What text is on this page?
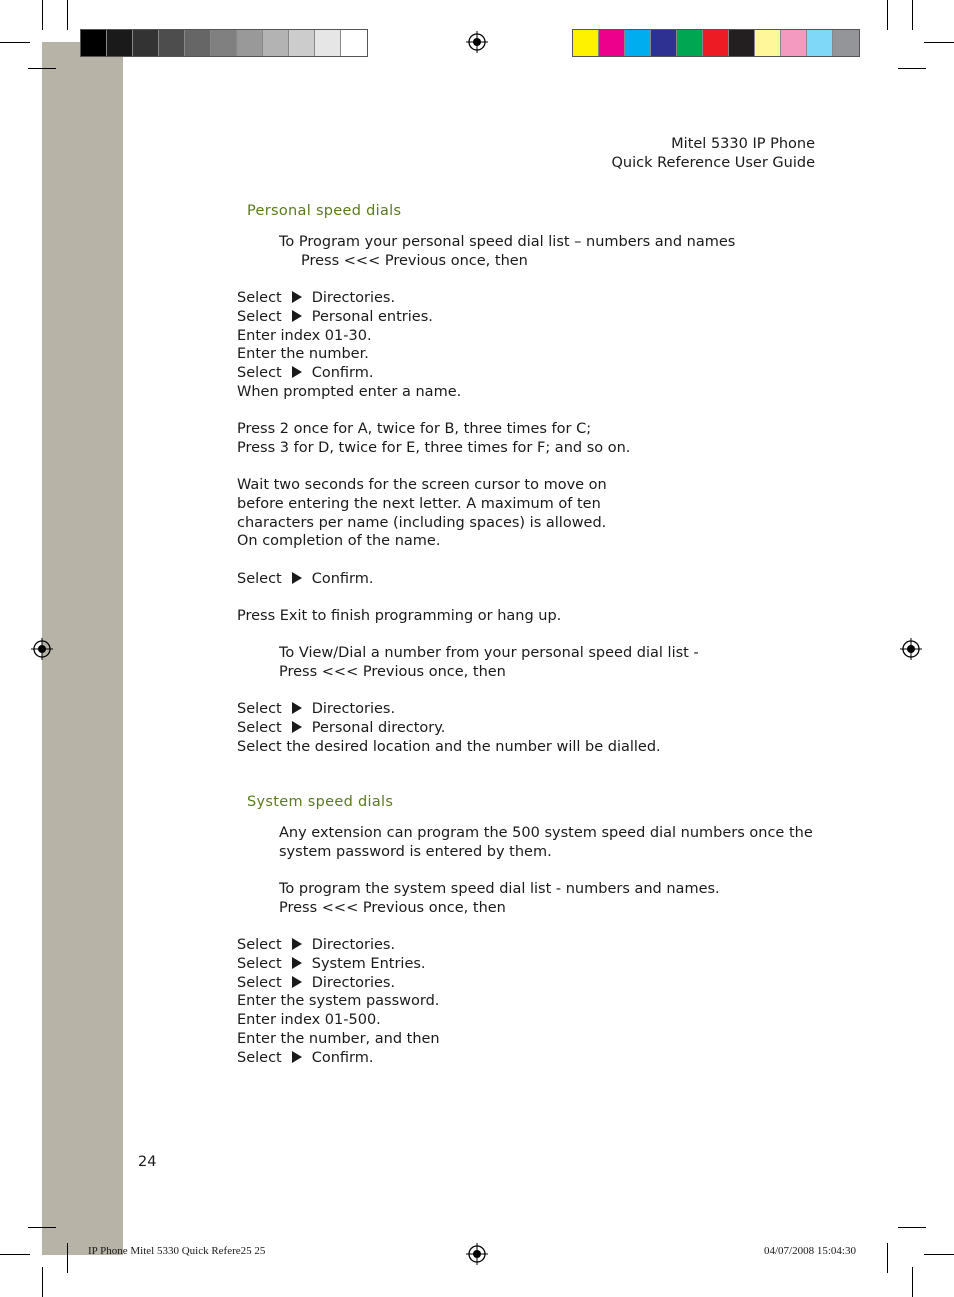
Mitel 5330 IP Phone
Quick Reference User Guide
Personal speed dials
To Program your personal speed dial list – numbers and names
Press <<< Previous once, then
Select Directories.
Select Personal entries.
Enter index 01-30.
Enter the number.
Select Confirm.
When prompted enter a name.
Press 2 once for A, twice for B, three times for C;
Press 3 for D, twice for E, three times for F; and so on.
Wait two seconds for the screen cursor to move on
before entering the next letter. A maximum of ten
characters per name (including spaces) is allowed.
On completion of the name.
Select Confirm.
Press Exit to finish programming or hang up.
To View/Dial a number from your personal speed dial list -
Press <<< Previous once, then
Select Directories.
Select Personal directory.
Select the desired location and the number will be dialled.
System speed dials
Any extension can program the 500 system speed dial numbers once the
system password is entered by them.
To program the system speed dial list - numbers and names.
Press <<< Previous once, then
Select Directories.
Select System Entries.
Select Directories.
Enter the system password.
Enter index 01-500.
Enter the number, and then
Select Confirm.
24
IP Phone Mitel 5330 Quick Refere25 25	04/07/2008 15:04:30
